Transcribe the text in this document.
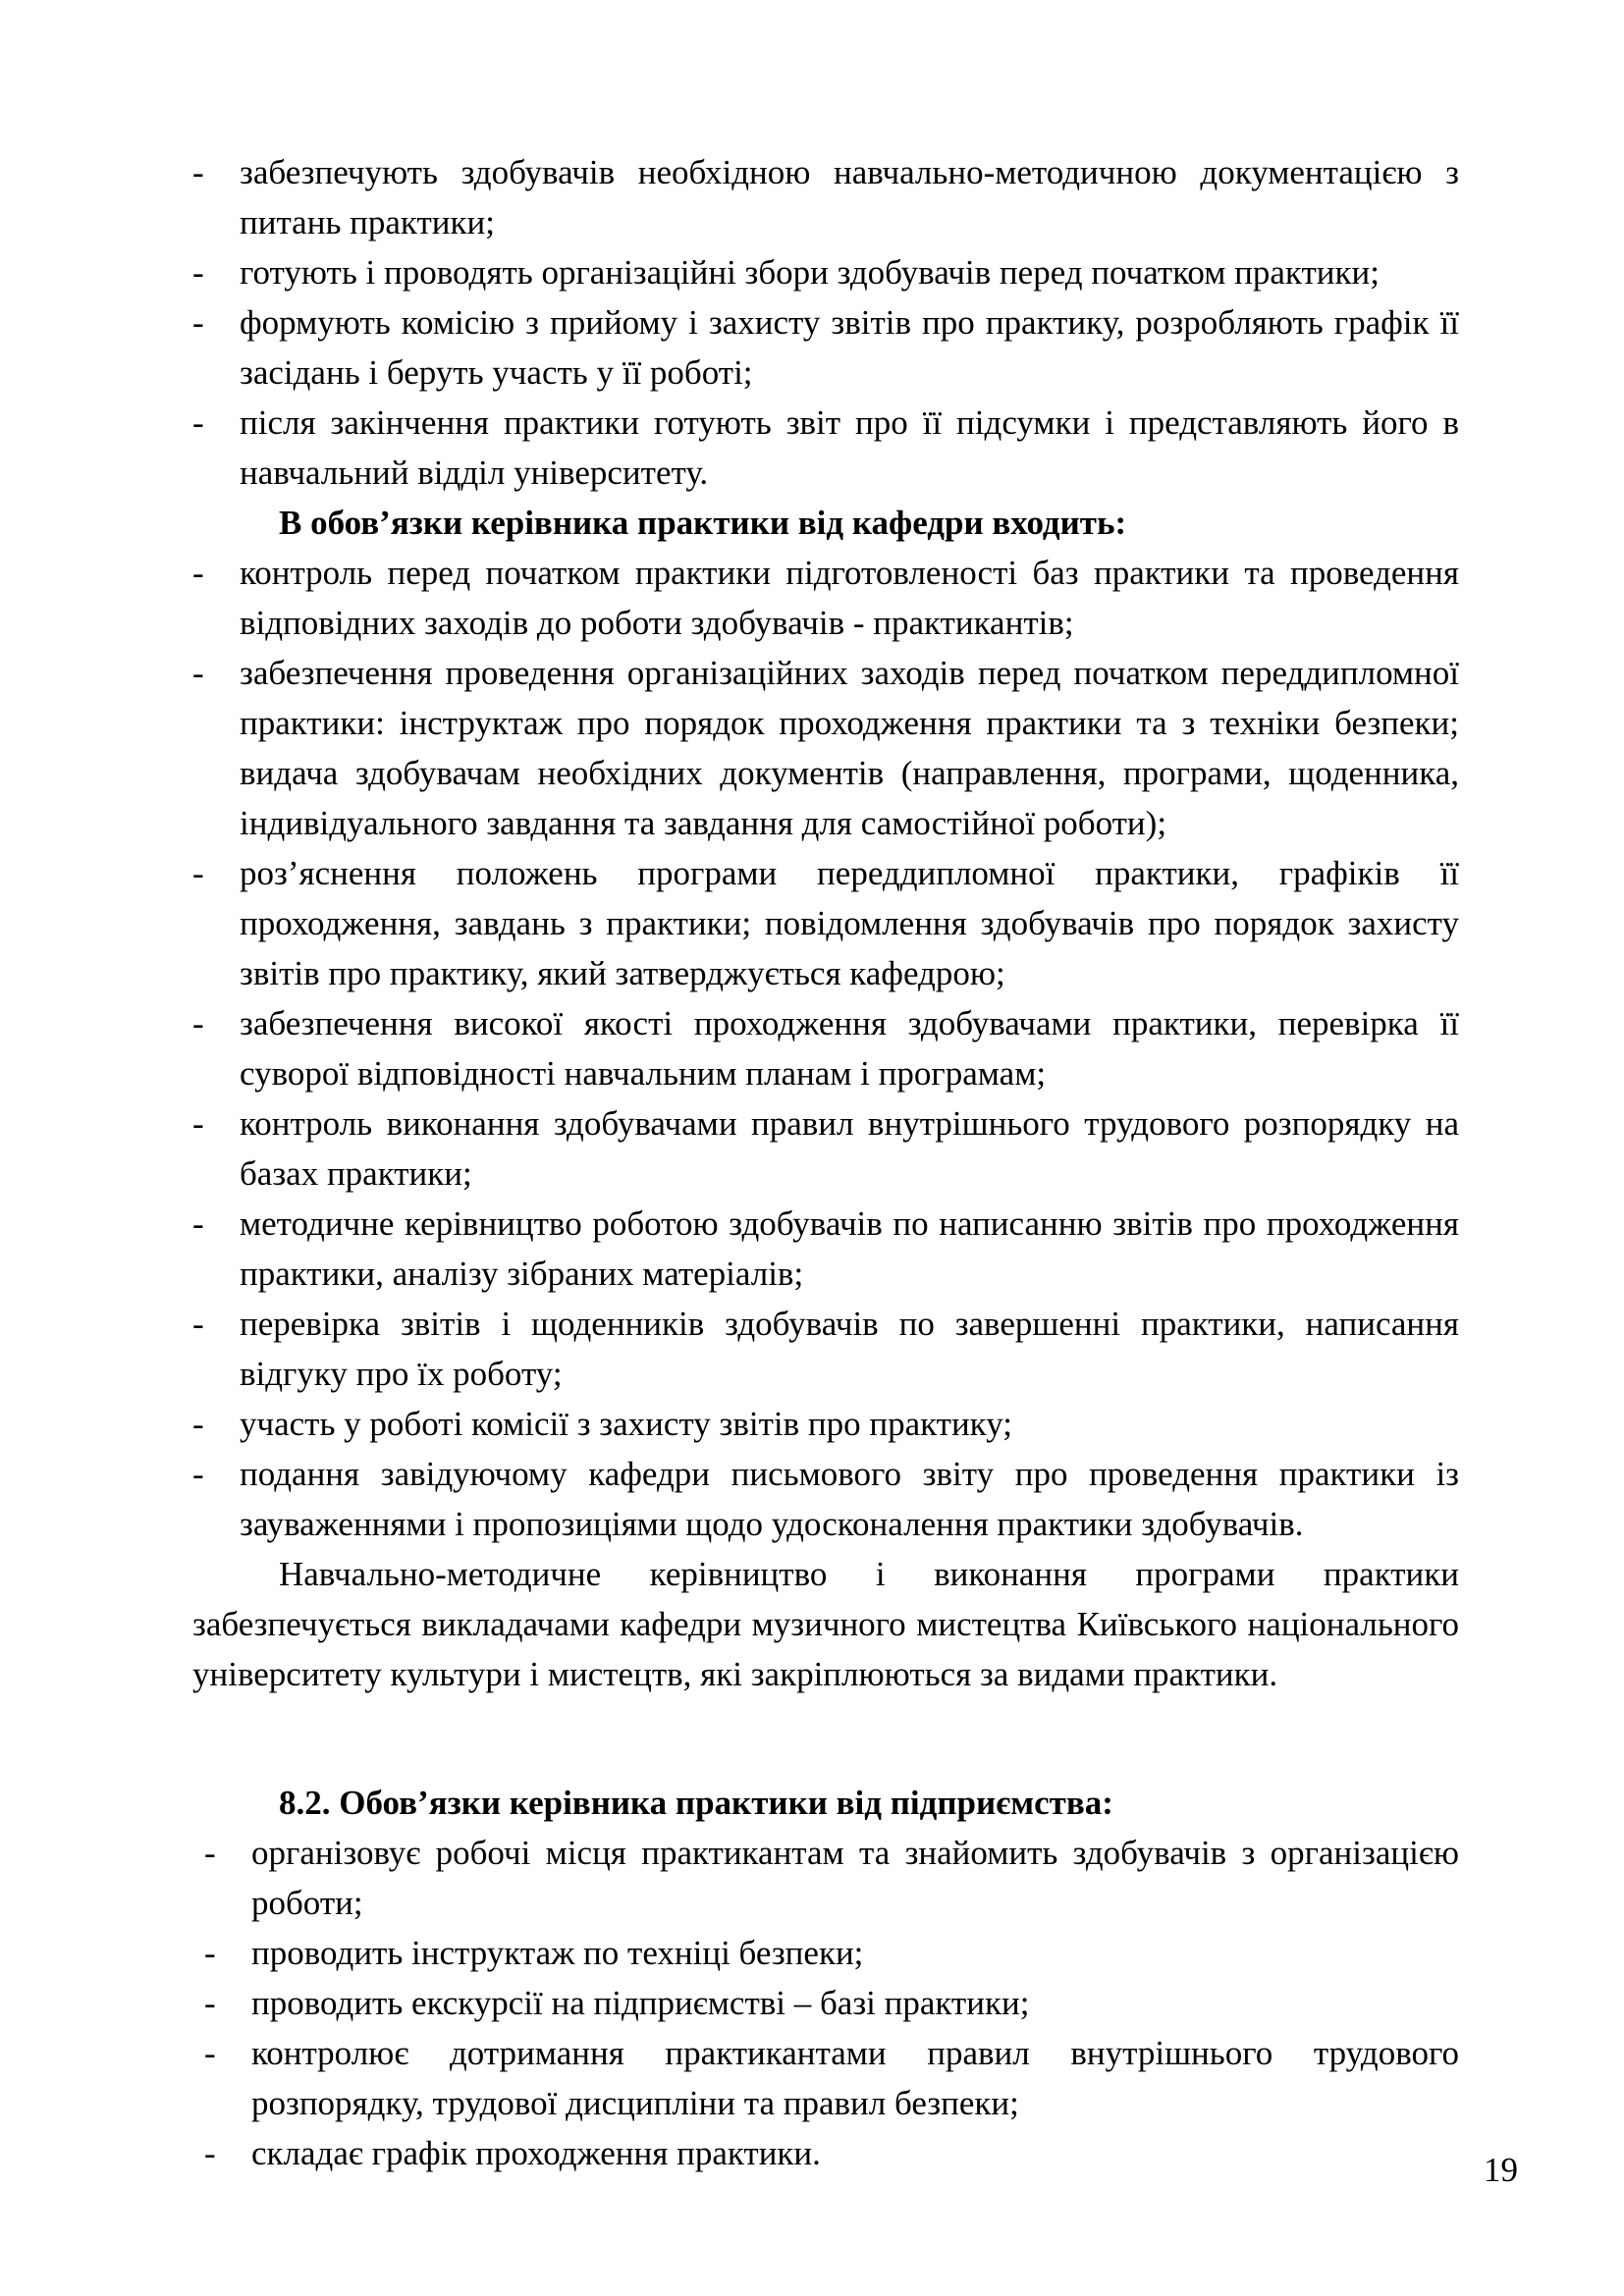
-	забезпечують здобувачів необхідною навчально-методичною документацією з питань практики;
-	готують і проводять організаційні збори здобувачів перед початком практики;
-	формують комісію з прийому і захисту звітів про практику, розробляють графік її засідань і беруть участь у її роботі;
-	після закінчення практики готують звіт про її підсумки і представляють його в навчальний відділ університету.
В обов’язки керівника практики від кафедри входить:
-	контроль перед початком практики підготовленості баз практики та проведення відповідних заходів до роботи здобувачів - практикантів;
-	забезпечення проведення організаційних заходів перед початком переддипломної практики: інструктаж про порядок проходження практики та з техніки безпеки; видача здобувачам необхідних документів (направлення, програми, щоденника, індивідуального завдання та завдання для самостійної роботи);
-	роз’яснення положень програми переддипломної практики, графіків її проходження, завдань з практики; повідомлення здобувачів про порядок захисту звітів про практику, який затверджується кафедрою;
-	забезпечення високої якості проходження здобувачами практики, перевірка її суворої відповідності навчальним планам і програмам;
-	контроль виконання здобувачами правил внутрішнього трудового розпорядку на базах практики;
-	методичне керівництво роботою здобувачів по написанню звітів про проходження практики, аналізу зібраних матеріалів;
-	перевірка звітів і щоденників здобувачів по завершенні практики, написання відгуку про їх роботу;
-	участь у роботі комісії з захисту звітів про практику;
-	подання завідуючому кафедри письмового звіту про проведення практики із зауваженнями і пропозиціями щодо удосконалення практики здобувачів.
Навчально-методичне керівництво і виконання програми практики забезпечується викладачами кафедри музичного мистецтва Київського національного університету культури і мистецтв, які закріплюються за видами практики.
8.2. Обов’язки керівника практики від підприємства:
-	організовує робочі місця практикантам та знайомить здобувачів з організацією роботи;
-	проводить інструктаж по техніці безпеки;
-	проводить екскурсії на підприємстві – базі практики;
-	контролює дотримання практикантами правил внутрішнього трудового розпорядку, трудової дисципліни та правил безпеки;
-	складає графік проходження практики.	19
